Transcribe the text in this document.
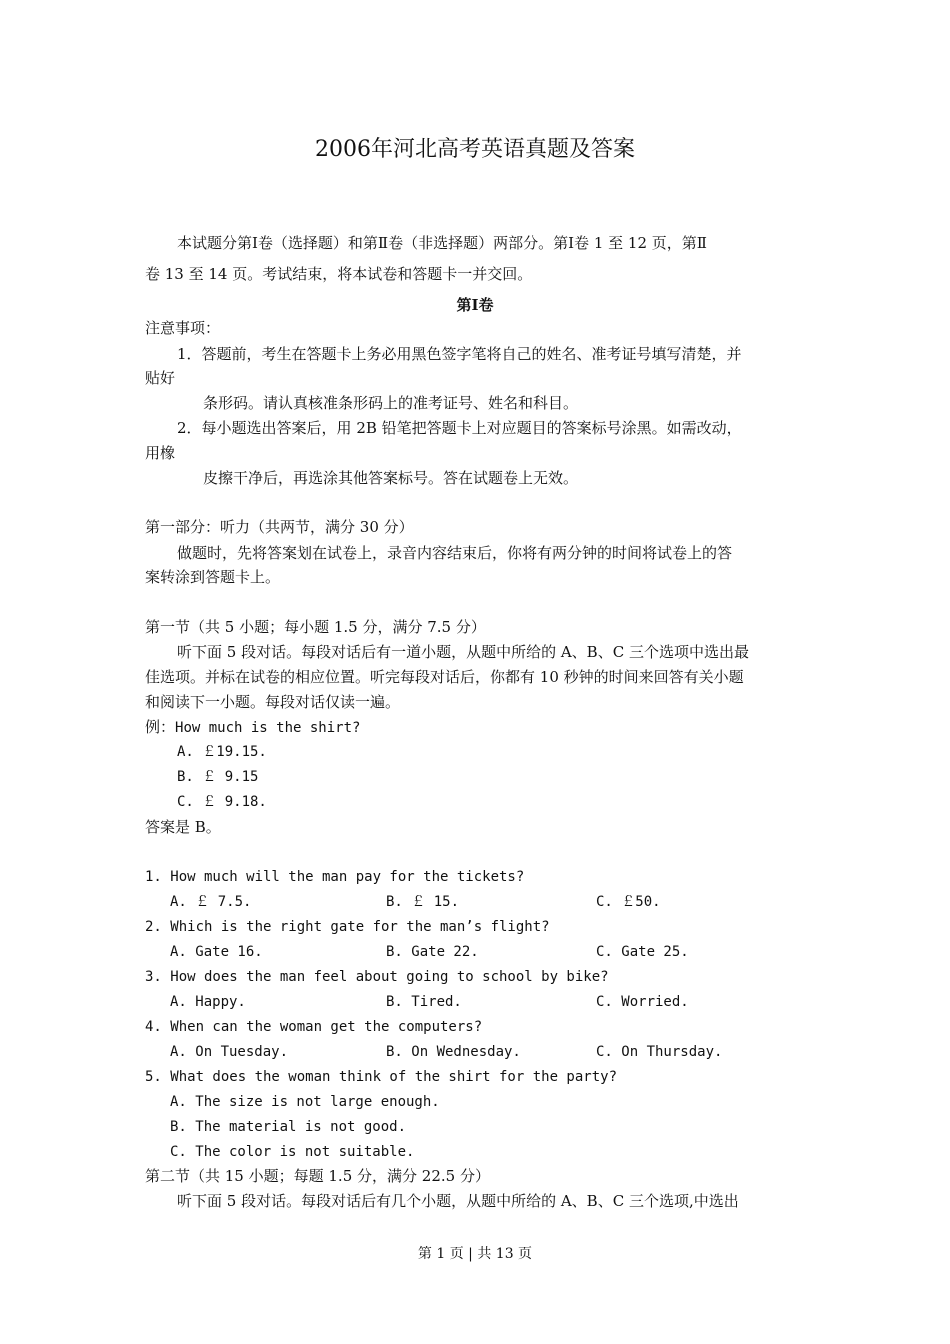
2006年河北高考英语真题及答案
本试题分第Ⅰ卷（选择题）和第Ⅱ卷（非选择题）两部分。第Ⅰ卷 1 至 12 页，第Ⅱ
卷 13 至 14 页。考试结束，将本试卷和答题卡一并交回。
第Ⅰ卷
注意事项：
1．答题前，考生在答题卡上务必用黑色签字笔将自己的姓名、准考证号填写清楚，并
贴好
条形码。请认真核准条形码上的准考证号、姓名和科目。
2．每小题选出答案后，用 2B 铅笔把答题卡上对应题目的答案标号涂黑。如需改动，
用橡
皮擦干净后，再选涂其他答案标号。答在试题卷上无效。
第一部分：听力（共两节，满分 30 分）
做题时，先将答案划在试卷上，录音内容结束后，你将有两分钟的时间将试卷上的答
案转涂到答题卡上。
第一节（共 5 小题；每小题 1.5 分，满分 7.5 分）
听下面 5 段对话。每段对话后有一道小题，从题中所给的 A、B、C 三个选项中选出最
佳选项。并标在试卷的相应位置。听完每段对话后，你都有 10 秒钟的时间来回答有关小题
和阅读下一小题。每段对话仅读一遍。
例：How much is the shirt?
A. ￡19.15.
B. ￡ 9.15
C. ￡ 9.18.
答案是 B。
1. How much will the man pay for the tickets?
A. ￡ 7.5.	B. ￡ 15.	C. ￡50.
2. Which is the right gate for the man’s flight?
A. Gate 16.	B. Gate 22.	C. Gate 25.
3. How does the man feel about going to school by bike?
A. Happy.	B. Tired.	C. Worried.
4. When can the woman get the computers?
A. On Tuesday.	B. On Wednesday.	C. On Thursday.
5. What does the woman think of the shirt for the party?
A. The size is not large enough.
B. The material is not good.
C. The color is not suitable.
第二节（共 15 小题；每题 1.5 分，满分 22.5 分）
听下面 5 段对话。每段对话后有几个小题，从题中所给的 A、B、C 三个选项,中选出
第 1 页 | 共 13 页
